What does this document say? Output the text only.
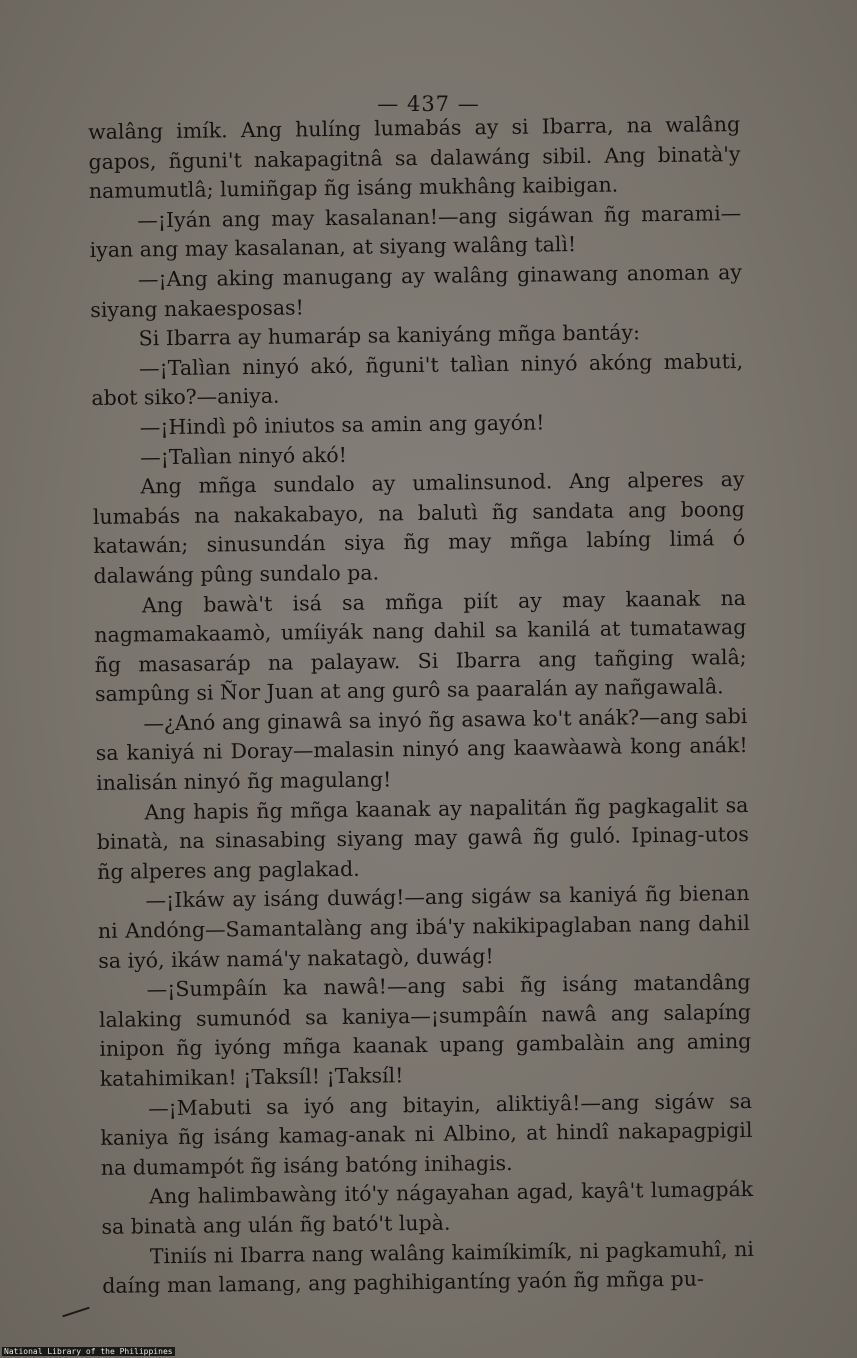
— 437 —

walâng imík. Ang hulíng lumabás ay si Ibarra, na walâng gapos, ñguni't nakapagitnâ sa dalawáng sibil. Ang binatà'y namumutlâ; lumiñgap ñg isáng mukhâng kaibigan.

—¡Iyán ang may kasalanan!—ang sigáwan ñg marami—iyan ang may kasalanan, at siyang walâng talì!

—¡Ang aking manugang ay walâng ginawang anoman ay siyang nakaesposas!

Si Ibarra ay humaráp sa kaniyáng mñga bantáy:

—¡Talìan ninyó akó, ñguni't talìan ninyó akóng mabuti, abot siko?—aniya.

—¡Hindì pô iniutos sa amin ang gayón!

—¡Talìan ninyó akó!

Ang mñga sundalo ay umalinsunod. Ang alperes ay lumabás na nakakabayo, na balutì ñg sandata ang boong katawán; sinusundán siya ñg may mñga labíng limá ó dalawáng pûng sundalo pa.

Ang bawà't isá sa mñga piít ay may kaanak na nagmamakaamò, umíiyák nang dahil sa kanilá at tumatawag ñg masasaráp na palayaw. Si Ibarra ang tañging walâ; sampûng si Ñor Juan at ang gurô sa paaralán ay nañgawalâ.

—¿Anó ang ginawâ sa inyó ñg asawa ko't anák?—ang sabi sa kaniyá ni Doray—malasin ninyó ang kaawàawà kong anák! inalisán ninyó ñg magulang!

Ang hapis ñg mñga kaanak ay napalitán ñg pagkagalit sa binatà, na sinasabing siyang may gawâ ñg guló. Ipinag-utos ñg alperes ang paglakad.

—¡Ikáw ay isáng duwág!—ang sigáw sa kaniyá ñg bienan ni Andóng—Samantalàng ang ibá'y nakikipaglaban nang dahil sa iyó, ikáw namá'y nakatagò, duwág!

—¡Sumpâín ka nawâ!—ang sabi ñg isáng matandâng lalaking sumunód sa kaniya—¡sumpâín nawâ ang salapíng inipon ñg iyóng mñga kaanak upang gambalàin ang aming katahimikan! ¡Taksíl! ¡Taksíl!

—¡Mabuti sa iyó ang bitayin, aliktiyâ!—ang sigáw sa kaniya ñg isáng kamag-anak ni Albino, at hindî nakapagpigil na dumampót ñg isáng batóng inihagis.

Ang halimbawàng itó'y nágayahan agad, kayâ't lumagpák sa binatà ang ulán ñg bató't lupà.

Tiniís ni Ibarra nang walâng kaimíkimík, ni pagkamuhî, ni daíng man lamang, ang paghihigantíng yaón ñg mñga pu-

National Library of the Philippines
